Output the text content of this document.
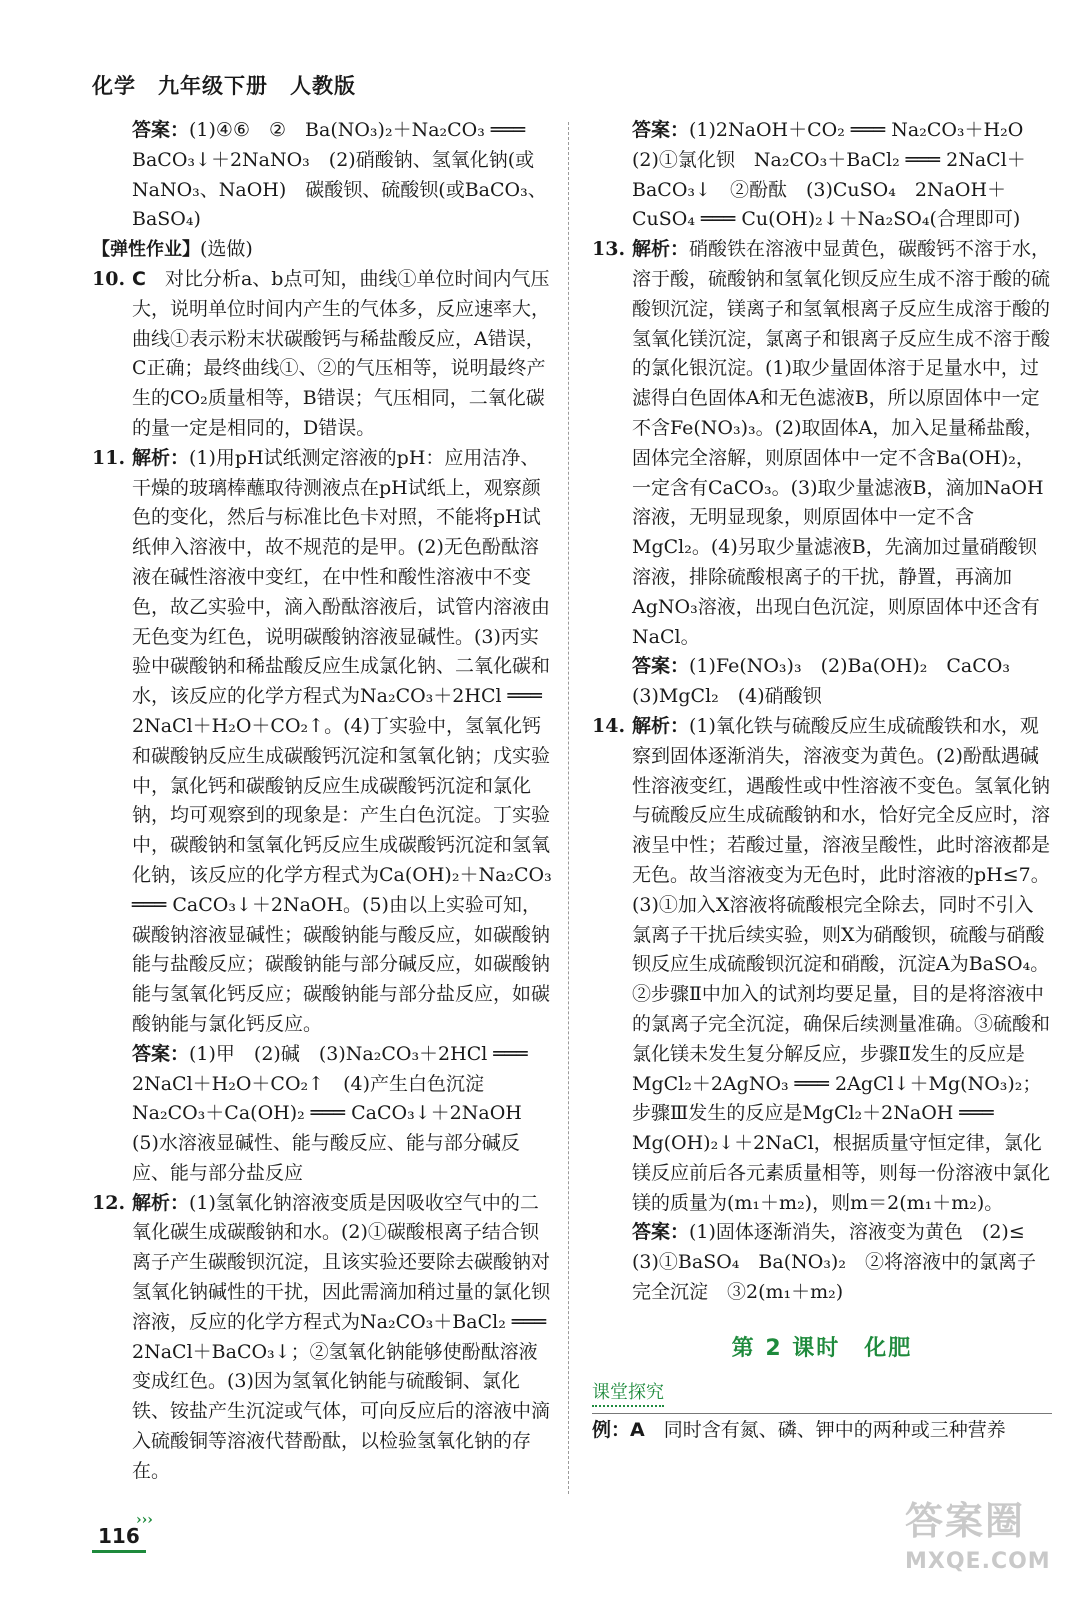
化学　九年级下册　人教版
答案：(1)④⑥　②　Ba(NO₃)₂＋Na₂CO₃ ═══ BaCO₃↓＋2NaNO₃　(2)硝酸钠、氢氧化钠(或NaNO₃、NaOH)　碳酸钡、硫酸钡(或BaCO₃、BaSO₄)
【弹性作业】(选做)
10. C　 对比分析a、b点可知，曲线①单位时间内气压大，说明单位时间内产生的气体多，反应速率大，曲线①表示粉末状碳酸钙与稀盐酸反应，A错误，C正确；最终曲线①、②的气压相等，说明最终产生的CO₂质量相等，B错误；气压相同，二氧化碳的量一定是相同的，D错误。
11. 解析：(1)用pH试纸测定溶液的pH：应用洁净、干燥的玻璃棒蘸取待测液点在pH试纸上，观察颜色的变化，然后与标准比色卡对照，不能将pH试纸伸入溶液中，故不规范的是甲。(2)无色酚酞溶液在碱性溶液中变红，在中性和酸性溶液中不变色，故乙实验中，滴入酚酞溶液后，试管内溶液由无色变为红色，说明碳酸钠溶液显碱性。(3)丙实验中碳酸钠和稀盐酸反应生成氯化钠、二氧化碳和水，该反应的化学方程式为Na₂CO₃＋2HCl ═══ 2NaCl＋H₂O＋CO₂↑。(4)丁实验中，氢氧化钙和碳酸钠反应生成碳酸钙沉淀和氢氧化钠；戊实验中，氯化钙和碳酸钠反应生成碳酸钙沉淀和氯化钠，均可观察到的现象是：产生白色沉淀。丁实验中，碳酸钠和氢氧化钙反应生成碳酸钙沉淀和氢氧化钠，该反应的化学方程式为Ca(OH)₂＋Na₂CO₃ ═══ CaCO₃↓＋2NaOH。(5)由以上实验可知，碳酸钠溶液显碱性；碳酸钠能与酸反应，如碳酸钠能与盐酸反应；碳酸钠能与部分碱反应，如碳酸钠能与氢氧化钙反应；碳酸钠能与部分盐反应，如碳酸钠能与氯化钙反应。
答案：(1)甲　(2)碱　(3)Na₂CO₃＋2HCl ═══ 2NaCl＋H₂O＋CO₂↑　(4)产生白色沉淀　Na₂CO₃＋Ca(OH)₂ ═══ CaCO₃↓＋2NaOH　(5)水溶液显碱性、能与酸反应、能与部分碱反应、能与部分盐反应
12. 解析：(1)氢氧化钠溶液变质是因吸收空气中的二氧化碳生成碳酸钠和水。(2)①碳酸根离子结合钡离子产生碳酸钡沉淀，且该实验还要除去碳酸钠对氢氧化钠碱性的干扰，因此需滴加稍过量的氯化钡溶液，反应的化学方程式为Na₂CO₃＋BaCl₂ ═══ 2NaCl＋BaCO₃↓；②氢氧化钠能够使酚酞溶液变成红色。(3)因为氢氧化钠能与硫酸铜、氯化铁、铵盐产生沉淀或气体，可向反应后的溶液中滴入硫酸铜等溶液代替酚酞，以检验氢氧化钠的存在。
答案：(1)2NaOH＋CO₂ ═══ Na₂CO₃＋H₂O　(2)①氯化钡　Na₂CO₃＋BaCl₂ ═══ 2NaCl＋BaCO₃↓　②酚酞　(3)CuSO₄　2NaOH＋CuSO₄ ═══ Cu(OH)₂↓＋Na₂SO₄(合理即可)
13. 解析：硝酸铁在溶液中显黄色，碳酸钙不溶于水，溶于酸，硫酸钠和氢氧化钡反应生成不溶于酸的硫酸钡沉淀，镁离子和氢氧根离子反应生成溶于酸的氢氧化镁沉淀，氯离子和银离子反应生成不溶于酸的氯化银沉淀。(1)取少量固体溶于足量水中，过滤得白色固体A和无色滤液B，所以原固体中一定不含Fe(NO₃)₃。(2)取固体A，加入足量稀盐酸，固体完全溶解，则原固体中一定不含Ba(OH)₂，一定含有CaCO₃。(3)取少量滤液B，滴加NaOH溶液，无明显现象，则原固体中一定不含MgCl₂。(4)另取少量滤液B，先滴加过量硝酸钡溶液，排除硫酸根离子的干扰，静置，再滴加AgNO₃溶液，出现白色沉淀，则原固体中还含有NaCl。
答案：(1)Fe(NO₃)₃　(2)Ba(OH)₂　CaCO₃　(3)MgCl₂　(4)硝酸钡
14. 解析：(1)氧化铁与硫酸反应生成硫酸铁和水，观察到固体逐渐消失，溶液变为黄色。(2)酚酞遇碱性溶液变红，遇酸性或中性溶液不变色。氢氧化钠与硫酸反应生成硫酸钠和水，恰好完全反应时，溶液呈中性；若酸过量，溶液呈酸性，此时溶液都是无色。故当溶液变为无色时，此时溶液的pH≤7。(3)①加入X溶液将硫酸根完全除去，同时不引入氯离子干扰后续实验，则X为硝酸钡，硫酸与硝酸钡反应生成硫酸钡沉淀和硝酸，沉淀A为BaSO₄。②步骤Ⅱ中加入的试剂均要足量，目的是将溶液中的氯离子完全沉淀，确保后续测量准确。③硫酸和氯化镁未发生复分解反应，步骤Ⅱ发生的反应是MgCl₂＋2AgNO₃ ═══ 2AgCl↓＋Mg(NO₃)₂；步骤Ⅲ发生的反应是MgCl₂＋2NaOH ═══ Mg(OH)₂↓＋2NaCl，根据质量守恒定律，氯化镁反应前后各元素质量相等，则每一份溶液中氯化镁的质量为(m₁＋m₂)，则m＝2(m₁＋m₂)。
答案：(1)固体逐渐消失，溶液变为黄色　(2)≤　(3)①BaSO₄　Ba(NO₃)₂　②将溶液中的氯离子完全沉淀　③2(m₁＋m₂)
第 2 课时　化肥
课堂探究
例：A　 同时含有氮、磷、钾中的两种或三种营养
›››
116	答案圈
MXQE.COM
